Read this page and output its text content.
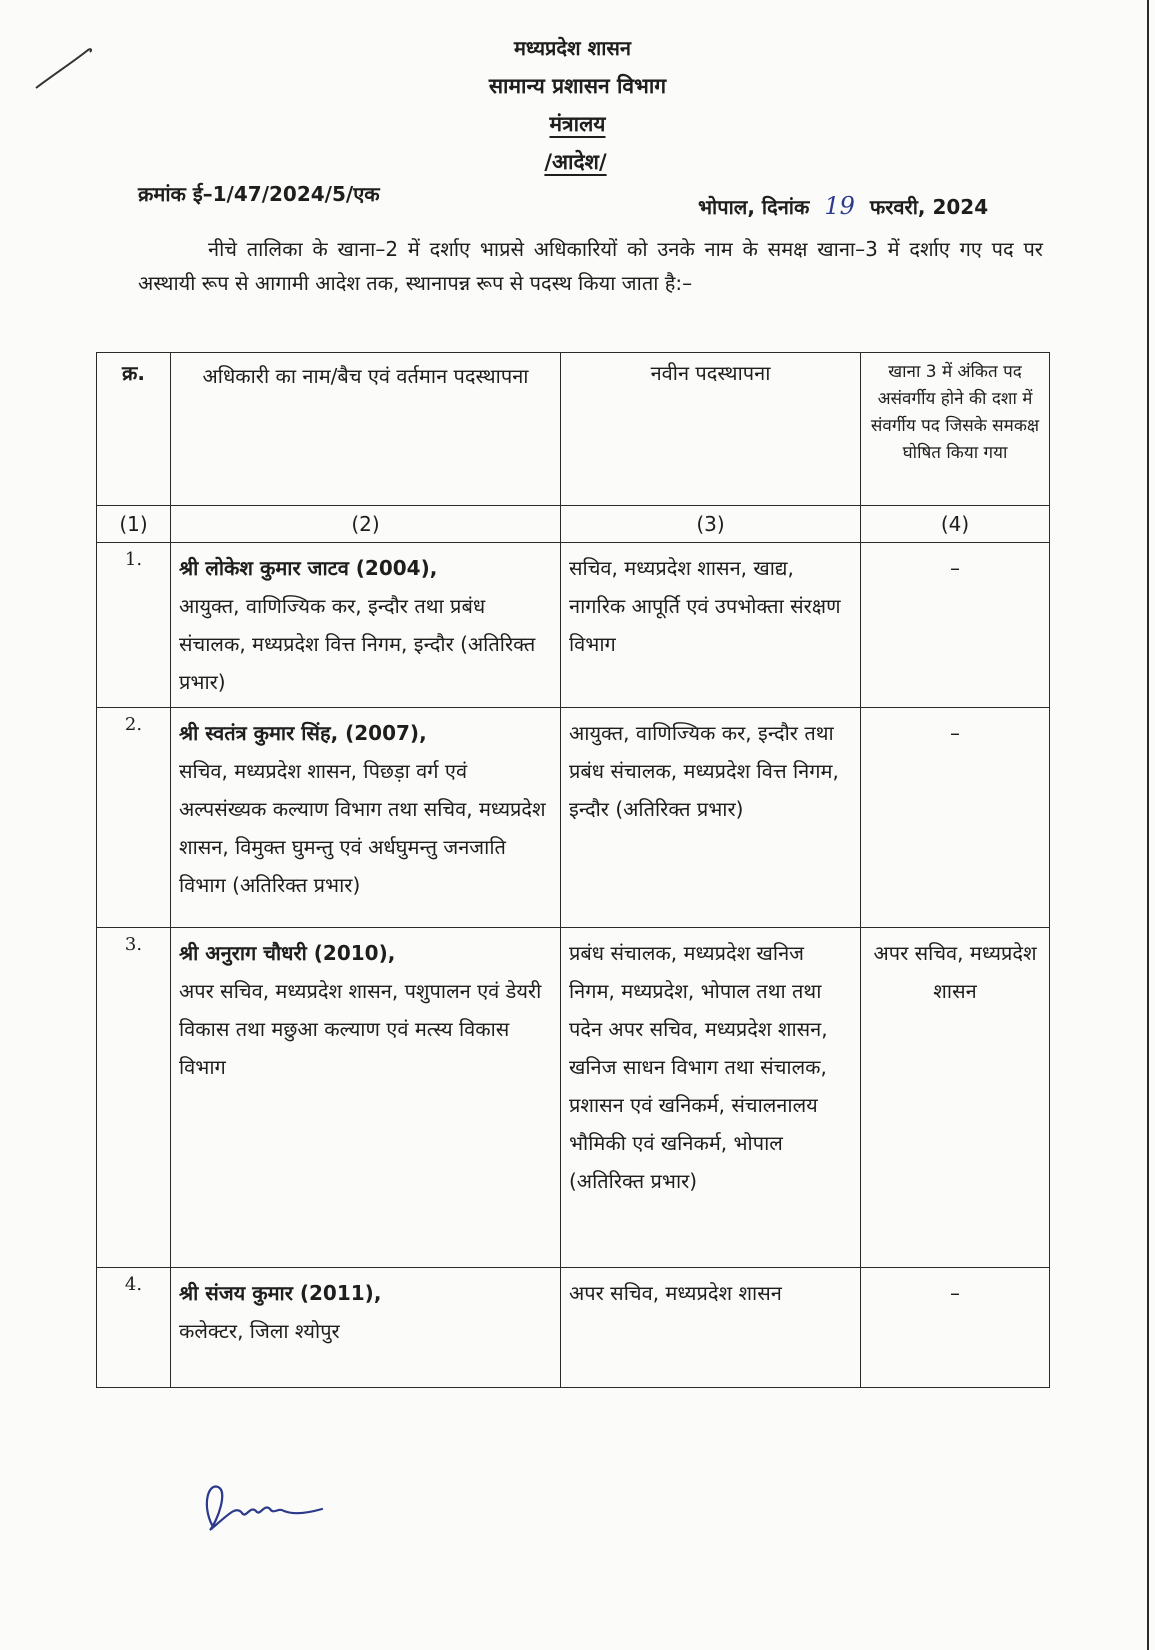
मध्यप्रदेश शासन
सामान्य प्रशासन विभाग
मंत्रालय
/आदेश/
क्रमांक ई–1/47/2024/5/एक
भोपाल, दिनांक 19 फरवरी, 2024

नीचे तालिका के खाना–2 में दर्शाए भाप्रसे अधिकारियों को उनके नाम के समक्ष खाना–3 में दर्शाए गए पद पर अस्थायी रूप से आगामी आदेश तक, स्थानापन्न रूप से पदस्थ किया जाता है:–

क्र.	अधिकारी का नाम/बैच एवं वर्तमान पदस्थापना	नवीन पदस्थापना	खाना 3 में अंकित पद असंवर्गीय होने की दशा में संवर्गीय पद जिसके समकक्ष घोषित किया गया
(1)	(2)	(3)	(4)
1.	श्री लोकेश कुमार जाटव (2004),
आयुक्त, वाणिज्यिक कर, इन्दौर तथा प्रबंध संचालक, मध्यप्रदेश वित्त निगम, इन्दौर (अतिरिक्त प्रभार)	सचिव, मध्यप्रदेश शासन, खाद्य, नागरिक आपूर्ति एवं उपभोक्ता संरक्षण विभाग	–
2.	श्री स्वतंत्र कुमार सिंह, (2007),
सचिव, मध्यप्रदेश शासन, पिछड़ा वर्ग एवं अल्पसंख्यक कल्याण विभाग तथा सचिव, मध्यप्रदेश शासन, विमुक्त घुमन्तु एवं अर्धघुमन्तु जनजाति विभाग (अतिरिक्त प्रभार)	आयुक्त, वाणिज्यिक कर, इन्दौर तथा प्रबंध संचालक, मध्यप्रदेश वित्त निगम, इन्दौर (अतिरिक्त प्रभार)	–
3.	श्री अनुराग चौधरी (2010),
अपर सचिव, मध्यप्रदेश शासन, पशुपालन एवं डेयरी विकास तथा मछुआ कल्याण एवं मत्स्य विकास विभाग	प्रबंध संचालक, मध्यप्रदेश खनिज निगम, मध्यप्रदेश, भोपाल तथा तथा पदेन अपर सचिव, मध्यप्रदेश शासन, खनिज साधन विभाग तथा संचालक, प्रशासन एवं खनिकर्म, संचालनालय भौमिकी एवं खनिकर्म, भोपाल (अतिरिक्त प्रभार)	अपर सचिव, मध्यप्रदेश शासन
4.	श्री संजय कुमार (2011),
कलेक्टर, जिला श्योपुर	अपर सचिव, मध्यप्रदेश शासन	–
